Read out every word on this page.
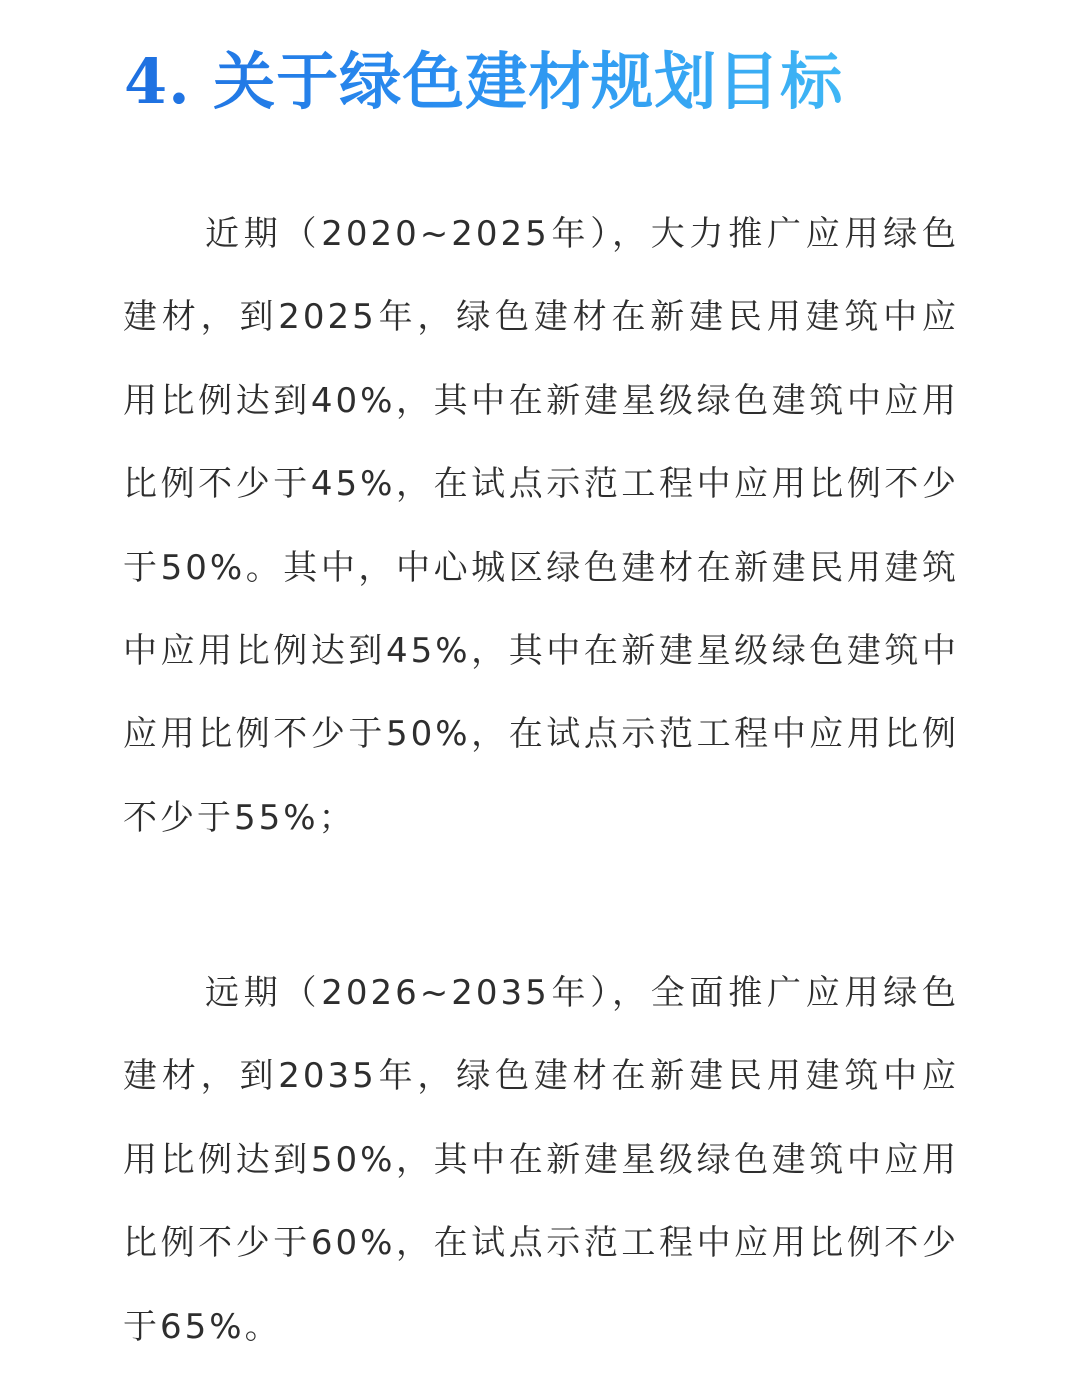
4. 关于绿色建材规划目标

近期（2020~2025年），大力推广应用绿色建材，到2025年，绿色建材在新建民用建筑中应用比例达到40%，其中在新建星级绿色建筑中应用比例不少于45%，在试点示范工程中应用比例不少于50%。其中，中心城区绿色建材在新建民用建筑中应用比例达到45%，其中在新建星级绿色建筑中应用比例不少于50%，在试点示范工程中应用比例不少于55%；

远期（2026~2035年），全面推广应用绿色建材，到2035年，绿色建材在新建民用建筑中应用比例达到50%，其中在新建星级绿色建筑中应用比例不少于60%，在试点示范工程中应用比例不少于65%。
